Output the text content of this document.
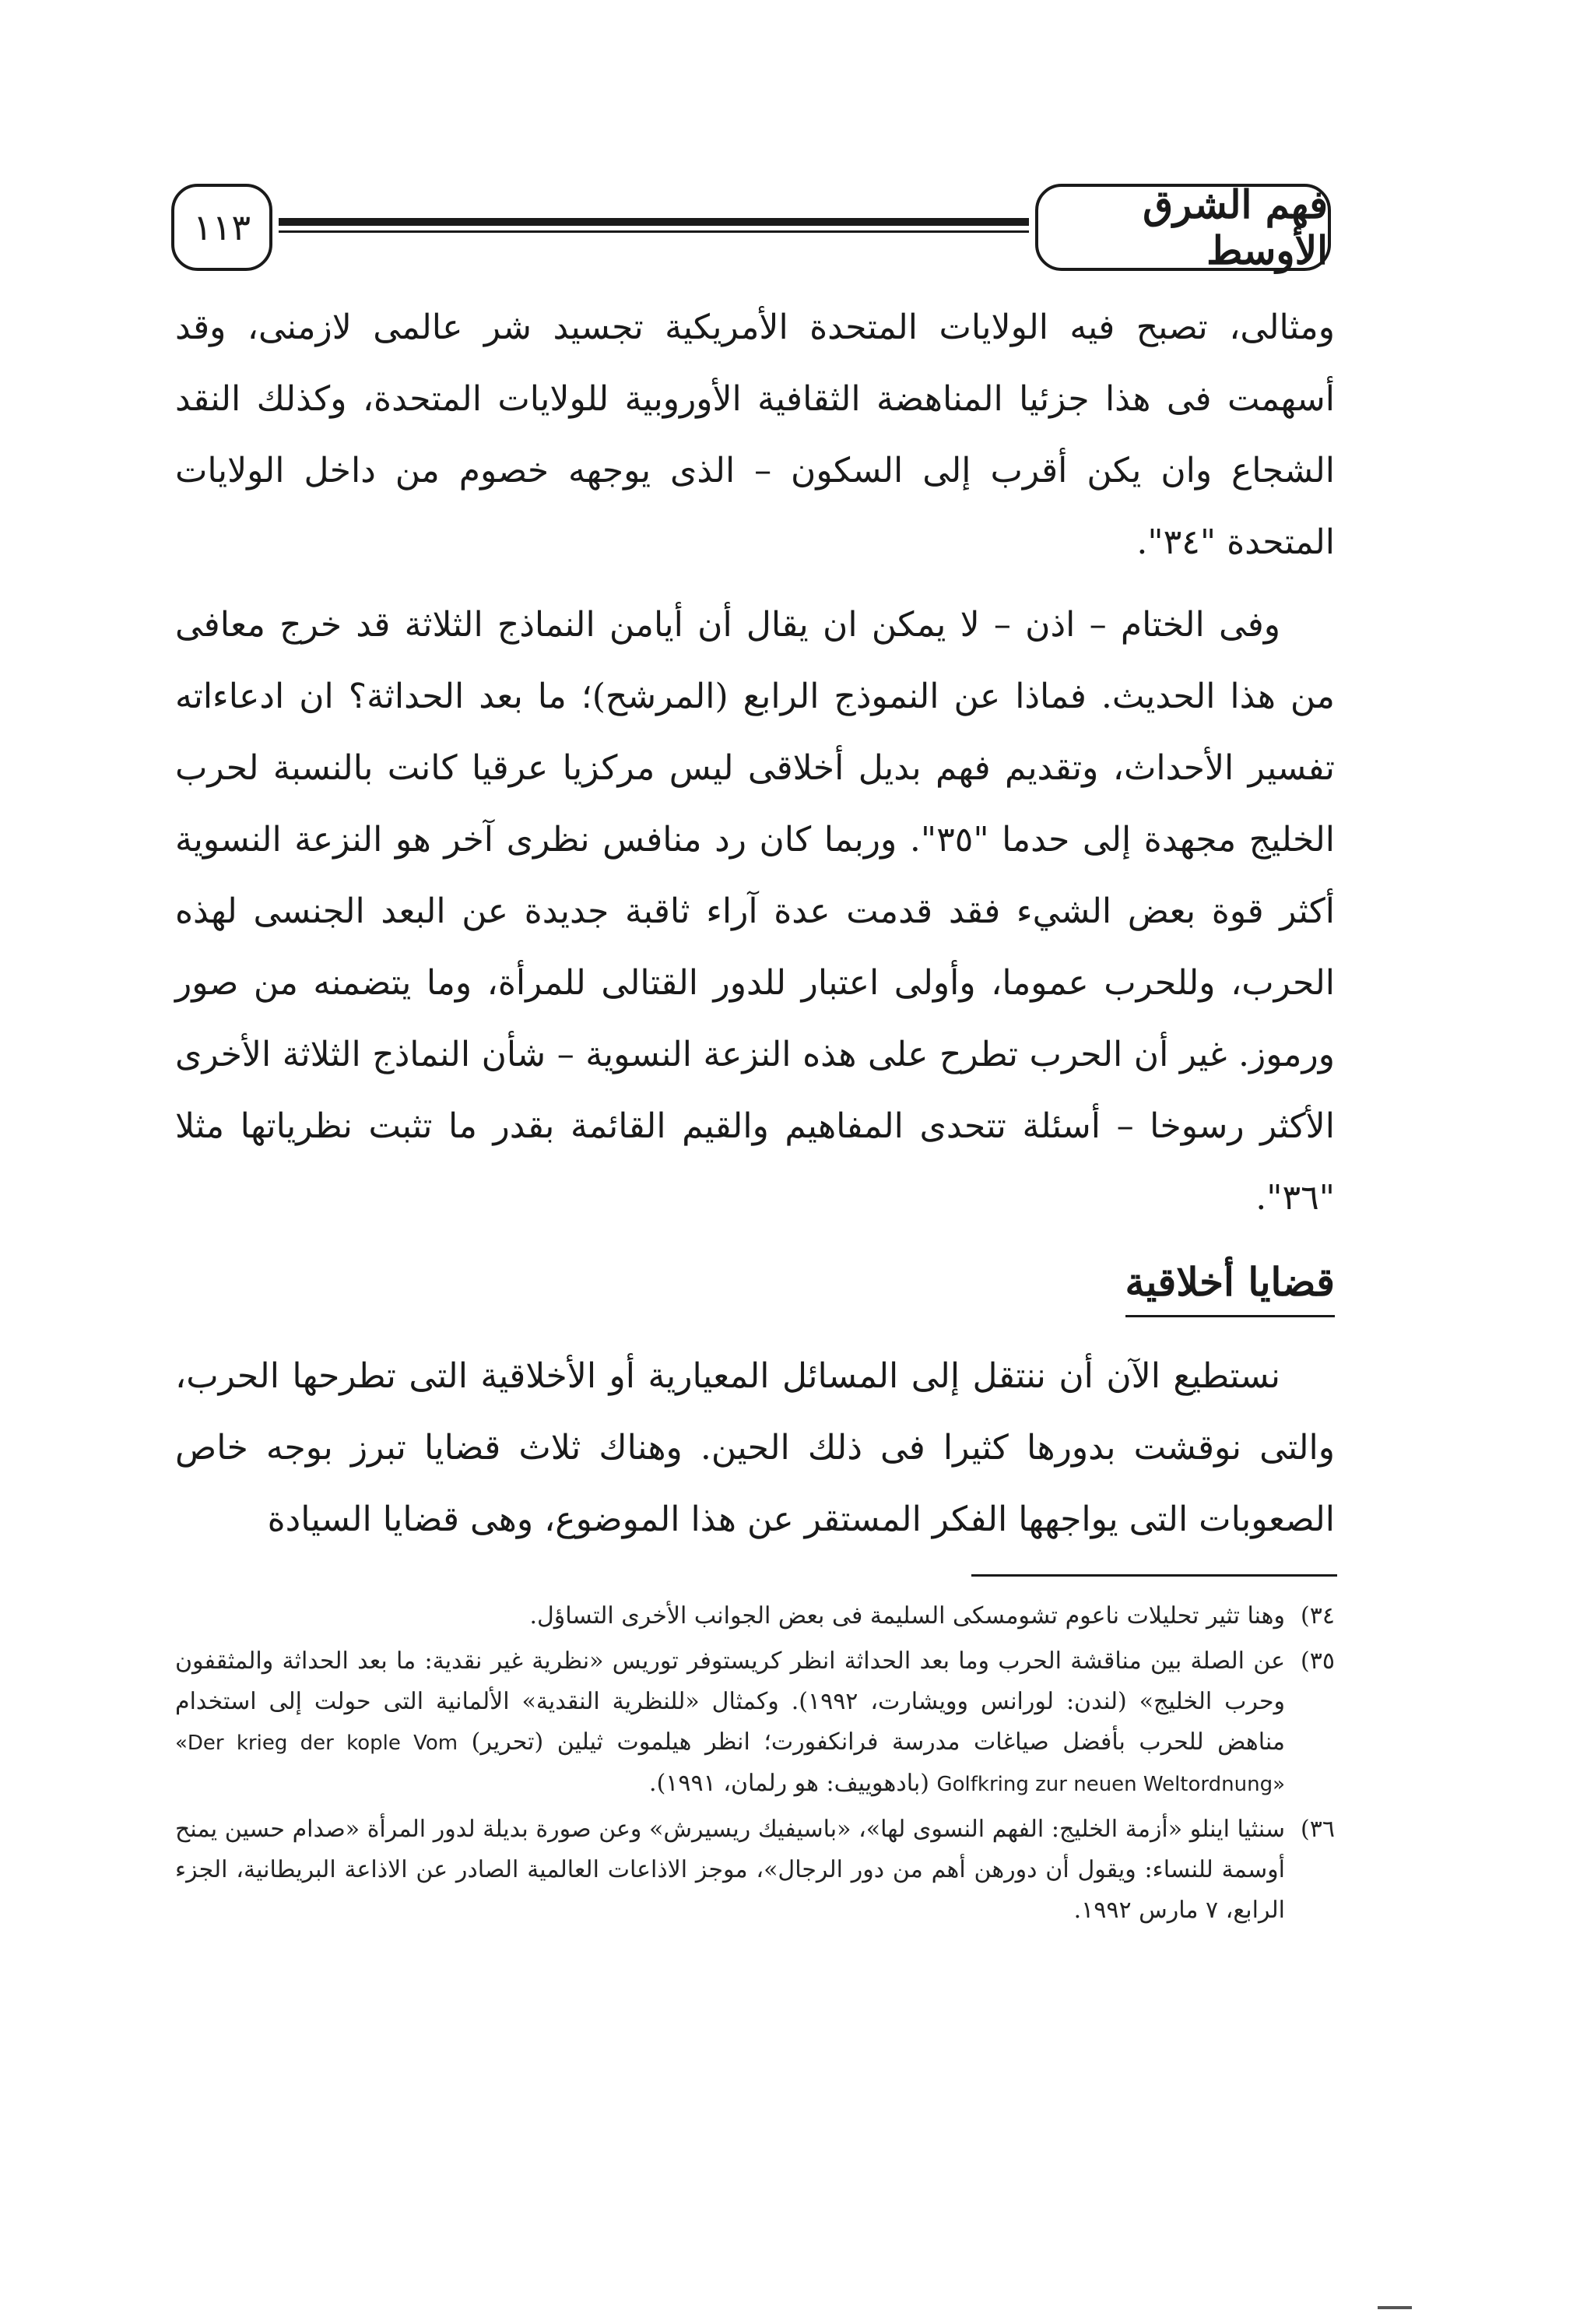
فهم الشرق الأوسط
١١٣

ومثالى، تصبح فيه الولايات المتحدة الأمريكية تجسيد شر عالمى لازمنى، وقد أسهمت فى هذا جزئيا المناهضة الثقافية الأوروبية للولايات المتحدة، وكذلك النقد الشجاع وان يكن أقرب إلى السكون – الذى يوجهه خصوم من داخل الولايات المتحدة "٣٤".

وفى الختام – اذن – لا يمكن ان يقال أن أيامن النماذج الثلاثة قد خرج معافى من هذا الحديث. فماذا عن النموذج الرابع (المرشح)؛ ما بعد الحداثة؟ ان ادعاءاته تفسير الأحداث، وتقديم فهم بديل أخلاقى ليس مركزيا عرقيا كانت بالنسبة لحرب الخليج مجهدة إلى حدما "٣٥". وربما كان رد منافس نظرى آخر هو النزعة النسوية أكثر قوة بعض الشيء فقد قدمت عدة آراء ثاقبة جديدة عن البعد الجنسى لهذه الحرب، وللحرب عموما، وأولى اعتبار للدور القتالى للمرأة، وما يتضمنه من صور ورموز. غير أن الحرب تطرح على هذه النزعة النسوية – شأن النماذج الثلاثة الأخرى الأكثر رسوخا – أسئلة تتحدى المفاهيم والقيم القائمة بقدر ما تثبت نظرياتها مثلا "٣٦".

قضايا أخلاقية

نستطيع الآن أن ننتقل إلى المسائل المعيارية أو الأخلاقية التى تطرحها الحرب، والتى نوقشت بدورها كثيرا فى ذلك الحين. وهناك ثلاث قضايا تبرز بوجه خاص الصعوبات التى يواجهها الفكر المستقر عن هذا الموضوع، وهى قضايا السيادة

٣٤)
وهنا تثير تحليلات ناعوم تشومسكى السليمة فى بعض الجوانب الأخرى التساؤل.
٣٥)
عن الصلة بين مناقشة الحرب وما بعد الحداثة انظر كريستوفر توريس «نظرية غير نقدية: ما بعد الحداثة والمثقفون وحرب الخليج» (لندن: لورانس وويشارت، ١٩٩٢). وكمثال «للنظرية النقدية» الألمانية التى حولت إلى استخدام مناهض للحرب بأفضل صياغات مدرسة فرانكفورت؛ انظر هيلموت ثيلين (تحرير) «Der krieg der kople Vom Golfkring zur neuen Weltordnung» (بادهوييف: هو رلمان، ١٩٩١).
٣٦)
سنثيا اينلو «أزمة الخليج: الفهم النسوى لها»، «باسيفيك ريسيرش» وعن صورة بديلة لدور المرأة «صدام حسين يمنح أوسمة للنساء: ويقول أن دورهن أهم من دور الرجال»، موجز الاذاعات العالمية الصادر عن الاذاعة البريطانية، الجزء الرابع، ٧ مارس ١٩٩٢.
